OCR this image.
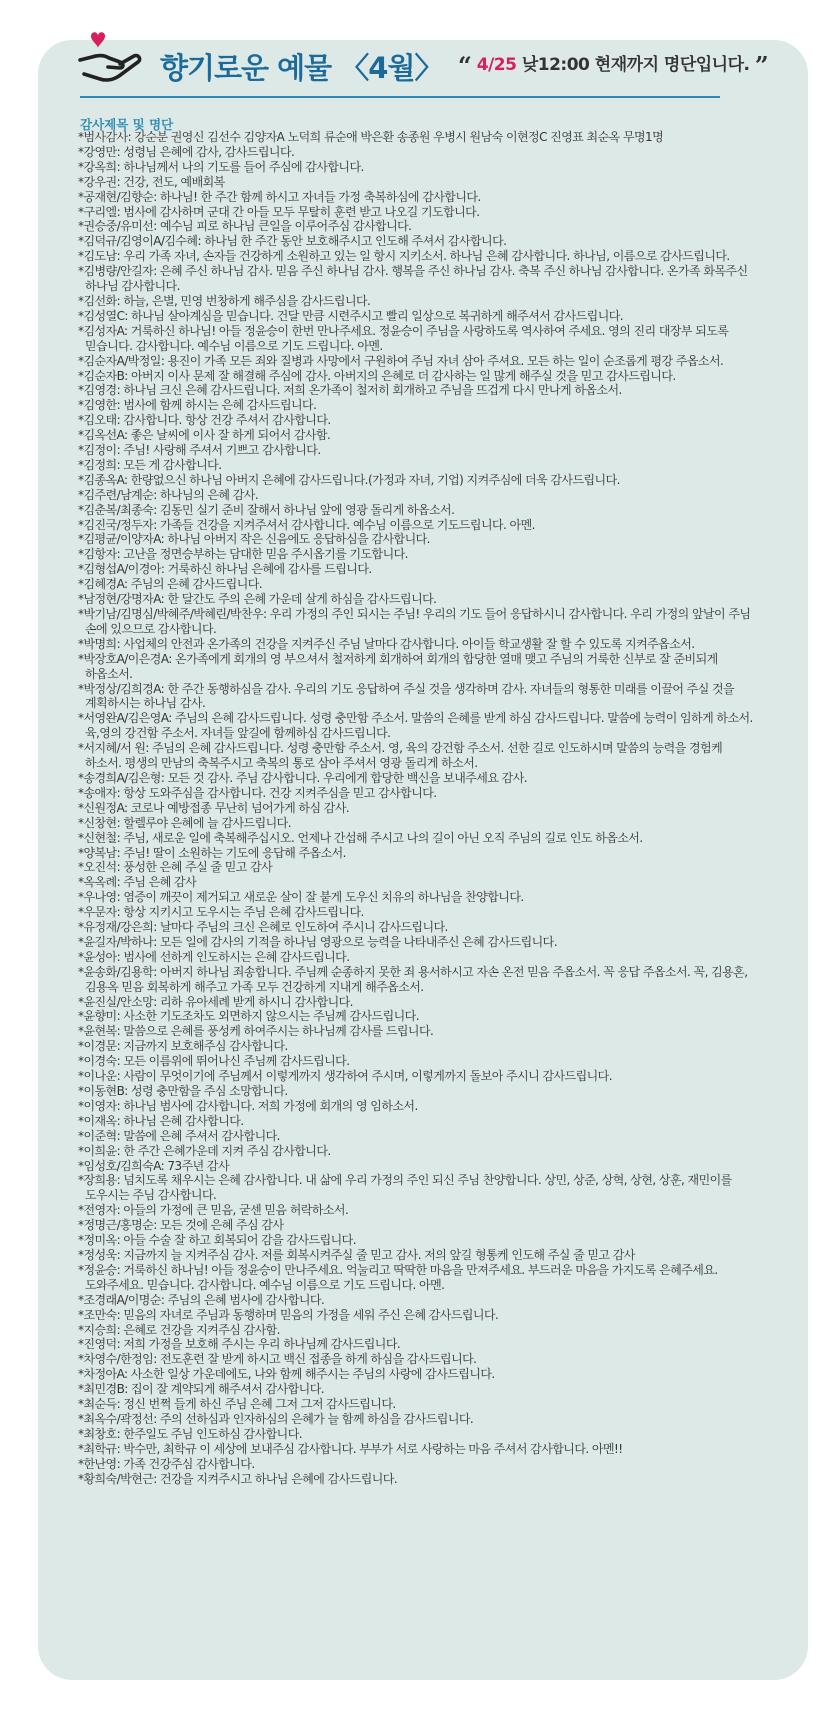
향기로운 예물 〈4월〉 “ 4/25 낮12:00 현재까지 명단입니다. ”
감사제목 및 명단
*범사감사: 강순분 권영신 김선수 김양자A 노덕희 류순애 박은환 송종원 우병시 원남숙 이현정C 진영표 최순옥 무명1명
*강영만: 성령님 은혜에 감사, 감사드립니다.
*강옥희: 하나님께서 나의 기도를 들어 주심에 감사합니다.
*강우권: 건강, 전도, 예배회복
*공재현/김향순: 하나님! 한 주간 함께 하시고 자녀들 가정 축복하심에 감사합니다.
*구리엘: 범사에 감사하며 군대 간 아들 모두 무탈히 훈련 받고 나오길 기도합니다.
*권승중/유미선: 예수님 피로 하나님 큰일을 이루어주심 감사합니다.
*김덕규/김영이A/김수혜: 하나님 한 주간 동안 보호해주시고 인도해 주셔서 감사합니다.
*김도남: 우리 가족 자녀, 손자들 건강하게 소원하고 있는 일 항시 지키소서. 하나님 은혜 감사합니다. 하나님, 이름으로 감사드립니다.
*김병량/안길자: 은혜 주신 하나님 감사. 믿음 주신 하나님 감사. 행복을 주신 하나님 감사. 축복 주신 하나님 감사합니다. 온가족 화목주신 하나님 감사합니다.
*김선화: 하늘, 은별, 민영 번창하게 해주심을 감사드립니다.
*김성열C: 하나님 살아계심을 믿습니다. 건달 만큼 시련주시고 빨리 일상으로 복귀하게 해주셔서 감사드립니다.
*김성자A: 거룩하신 하나님! 아들 정윤승이 한번 만나주세요. 정윤승이 주님을 사랑하도록 역사하여 주세요. 영의 진리 대장부 되도록 믿습니다. 감사합니다. 예수님 이름으로 기도 드립니다. 아멘.
*김순자A/박정일: 용진이 가족 모든 죄와 질병과 사망에서 구원하여 주님 자녀 삼아 주셔요. 모든 하는 일이 순조롭게 평강 주옵소서.
*김순자B: 아버지 이사 문제 잘 해결해 주심에 감사. 아버지의 은혜로 더 감사하는 일 많게 해주실 것을 믿고 감사드립니다.
*김영경: 하나님 크신 은혜 감사드립니다. 저희 온가족이 철저히 회개하고 주님을 뜨겁게 다시 만나게 하옵소서.
*김영한: 범사에 함께 하시는 은혜 감사드립니다.
*김오태: 감사합니다. 항상 건강 주셔서 감사합니다.
*김옥선A: 좋은 날씨에 이사 잘 하게 되어서 감사함.
*김정이: 주님! 사랑해 주셔서 기쁘고 감사합니다.
*김정희: 모든 게 감사합니다.
*김종옥A: 한량없으신 하나님 아버지 은혜에 감사드립니다.(가정과 자녀, 기업) 지켜주심에 더욱 감사드립니다.
*김주련/남계순: 하나님의 은혜 감사.
*김춘복/최종숙: 김동민 실기 준비 잘해서 하나님 앞에 영광 돌리게 하옵소서.
*김진국/정두자: 가족들 건강을 지켜주셔서 감사합니다. 예수님 이름으로 기도드립니다. 아멘.
*김평균/이양자A: 하나님 아버지 작은 신음에도 응답하심을 감사합니다.
*김항자: 고난을 정면승부하는 담대한 믿음 주시옵기를 기도합니다.
*김형섭A/이경아: 거룩하신 하나님 은혜에 감사를 드립니다.
*김혜경A: 주님의 은혜 감사드립니다.
*남정현/강명자A: 한 달간도 주의 은혜 가운데 살게 하심을 감사드립니다.
*박기남/김명심/박혜주/박혜린/박찬우: 우리 가정의 주인 되시는 주님! 우리의 기도 들어 응답하시니 감사합니다. 우리 가정의 앞날이 주님 손에 있으므로 감사합니다.
*박명희: 사업체의 안전과 온가족의 건강을 지켜주신 주님 날마다 감사합니다. 아이들 학교생활 잘 할 수 있도록 지켜주옵소서.
*박장호A/이은경A: 온가족에게 회개의 영 부으셔서 철저하게 회개하여 회개의 합당한 열매 맺고 주님의 거룩한 신부로 잘 준비되게 하옵소서.
*박정상/김희경A: 한 주간 동행하심을 감사. 우리의 기도 응답하여 주실 것을 생각하며 감사. 자녀들의 형통한 미래를 이끌어 주실 것을 계획하시는 하나님 감사.
*서영완A/김은영A: 주님의 은혜 감사드립니다. 성령 충만함 주소서. 말씀의 은혜를 받게 하심 감사드립니다. 말씀에 능력이 임하게 하소서. 육,영의 강건함 주소서. 자녀들 앞길에 함께하심 감사드립니다.
*서지혜/서 원: 주님의 은혜 감사드립니다. 성령 충만함 주소서. 영, 육의 강건함 주소서. 선한 길로 인도하시며 말씀의 능력을 경험케 하소서. 평생의 만남의 축복주시고 축복의 통로 삼아 주셔서 영광 돌리게 하소서.
*송경희A/김은형: 모든 것 감사. 주님 감사합니다. 우리에게 합당한 백신을 보내주세요 감사.
*송애자: 항상 도와주심을 감사합니다. 건강 지켜주심을 믿고 감사합니다.
*신원정A: 코로나 예방접종 무난히 넘어가게 하심 감사.
*신창현: 할렐루야 은혜에 늘 감사드립니다.
*신현철: 주님, 새로운 일에 축복해주십시오. 언제나 간섭해 주시고 나의 길이 아닌 오직 주님의 길로 인도 하옵소서.
*양복남: 주님! 딸이 소원하는 기도에 응답해 주옵소서.
*오진석: 풍성한 은혜 주실 줄 믿고 감사
*옥옥례: 주님 은혜 감사
*우나영: 염증이 깨끗이 제거되고 새로운 살이 잘 붙게 도우신 치유의 하나님을 찬양합니다.
*우문자: 항상 지키시고 도우시는 주님 은혜 감사드립니다.
*유정재/강은희: 날마다 주님의 크신 은혜로 인도하여 주시니 감사드립니다.
*윤길자/박하나: 모든 일에 감사의 기적을 하나님 영광으로 능력을 나타내주신 은혜 감사드립니다.
*윤성아: 범사에 선하게 인도하시는 은혜 감사드립니다.
*윤송화/김용학: 아버지 하나님 죄송합니다. 주님께 순종하지 못한 죄 용서하시고 자손 온전 믿음 주옵소서. 꼭 응답 주옵소서. 꼭, 김용혼, 김용옥 믿음 회복하게 해주고 가족 모두 건강하게 지내게 해주옵소서.
*윤진실/안소망: 리하 유아세례 받게 하시니 감사합니다.
*윤향미: 사소한 기도조차도 외면하지 않으시는 주님께 감사드립니다.
*윤현복: 말씀으로 은혜를 풍성케 하여주시는 하나님께 감사를 드립니다.
*이경문: 지금까지 보호해주심 감사합니다.
*이경숙: 모든 이름위에 뛰어나신 주님께 감사드립니다.
*이나운: 사람이 무엇이기에 주님께서 이렇게까지 생각하여 주시며, 이렇게까지 돌보아 주시니 감사드립니다.
*이동현B: 성령 충만함을 주심 소망합니다.
*이영자: 하나님 범사에 감사합니다. 저희 가정에 회개의 영 임하소서.
*이재옥: 하나님 은혜 감사합니다.
*이준혁: 말씀에 은혜 주셔서 감사합니다.
*이희윤: 한 주간 은혜가운데 지켜 주심 감사합니다.
*임성호/김희숙A: 73주년 감사
*장희용: 넘치도록 채우시는 은혜 감사합니다. 내 삶에 우리 가정의 주인 되신 주님 찬양합니다. 상민, 상준, 상혁, 상현, 상훈, 재민이를 도우시는 주님 감사합니다.
*전영자: 아들의 가정에 큰 믿음, 굳센 믿음 허락하소서.
*정명근/홍명순: 모든 것에 은혜 주심 감사
*정미옥: 아들 수술 잘 하고 회복되어 감을 감사드립니다.
*정성욱: 지금까지 늘 지켜주심 감사. 저를 회복시켜주실 줄 믿고 감사. 저의 앞길 형통케 인도해 주실 줄 믿고 감사
*정윤승: 거룩하신 하나님! 아들 정윤승이 만나주세요. 억눌리고 딱딱한 마음을 만져주세요. 부드러운 마음을 가지도록 은혜주세요. 도와주세요. 믿습니다. 감사합니다. 예수님 이름으로 기도 드립니다. 아멘.
*조경래A/이명순: 주님의 은혜 범사에 감사합니다.
*조만숙: 믿음의 자녀로 주님과 동행하며 믿음의 가정을 세워 주신 은혜 감사드립니다.
*지승희: 은혜로 건강을 지켜주심 감사함.
*진영덕: 저희 가정을 보호해 주시는 우리 하나님께 감사드립니다.
*차영수/한정임: 전도훈련 잘 받게 하시고 백신 접종을 하게 하심을 감사드립니다.
*차정아A: 사소한 일상 가운데에도, 나와 함께 해주시는 주님의 사랑에 감사드립니다.
*최민경B: 집이 잘 계약되게 해주셔서 감사합니다.
*최순득: 정신 번쩍 들게 하신 주님 은혜 그저 그저 감사드립니다.
*최옥수/곽정선: 주의 선하심과 인자하심의 은혜가 늘 함께 하심을 감사드립니다.
*최창호: 한주일도 주님 인도하심 감사합니다.
*최학규: 박수만, 최학규 이 세상에 보내주심 감사합니다. 부부가 서로 사랑하는 마음 주셔서 감사합니다. 아멘!!
*한난영: 가족 건강주심 감사합니다.
*황희숙/박현근: 건강을 지켜주시고 하나님 은혜에 감사드립니다.
